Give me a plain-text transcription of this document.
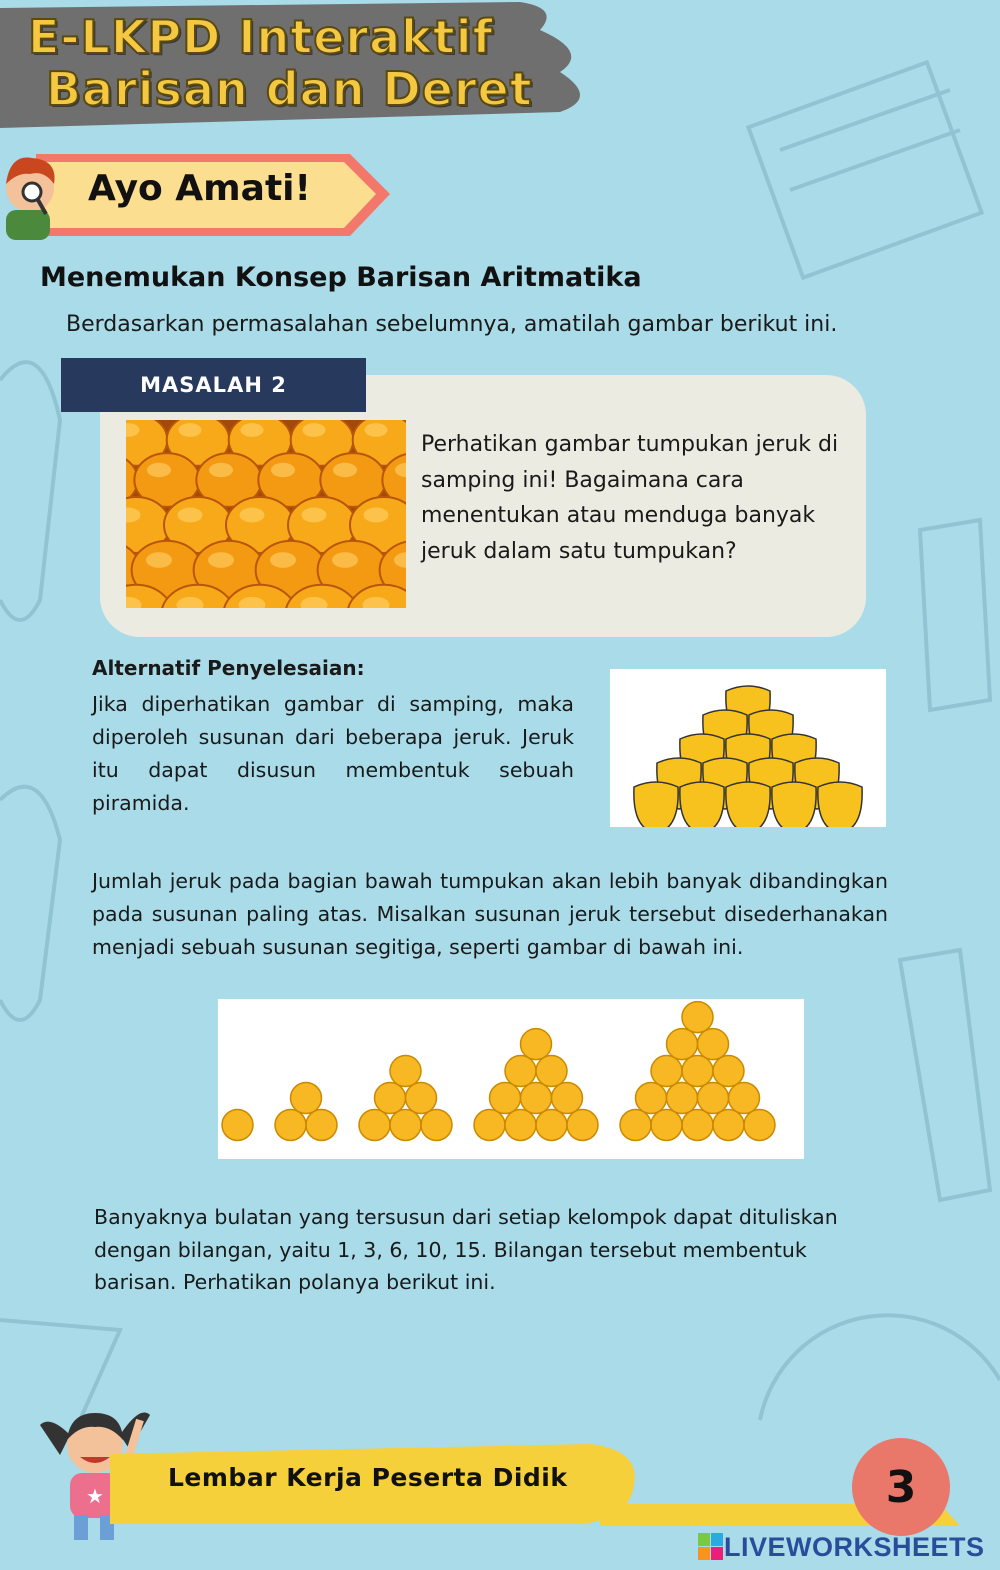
E-LKPD Interaktif
Barisan dan Deret
Ayo Amati!
Menemukan Konsep Barisan Aritmatika
Berdasarkan permasalahan sebelumnya, amatilah gambar berikut ini.
MASALAH 2
Perhatikan gambar tumpukan jeruk di samping ini! Bagaimana cara menentukan atau menduga banyak jeruk dalam satu tumpukan?
Alternatif Penyelesaian:
Jika diperhatikan gambar di samping, maka diperoleh susunan dari beberapa jeruk. Jeruk itu dapat disusun membentuk sebuah piramida.
Jumlah jeruk pada bagian bawah tumpukan akan lebih banyak dibandingkan pada susunan paling atas. Misalkan susunan jeruk tersebut disederhanakan menjadi sebuah susunan segitiga, seperti gambar di bawah ini.
Banyaknya bulatan yang tersusun dari setiap kelompok dapat dituliskan dengan bilangan, yaitu 1, 3, 6, 10, 15. Bilangan tersebut membentuk barisan. Perhatikan polanya berikut ini.
★
Lembar Kerja Peserta Didik	3
LIVEWORKSHEETS
